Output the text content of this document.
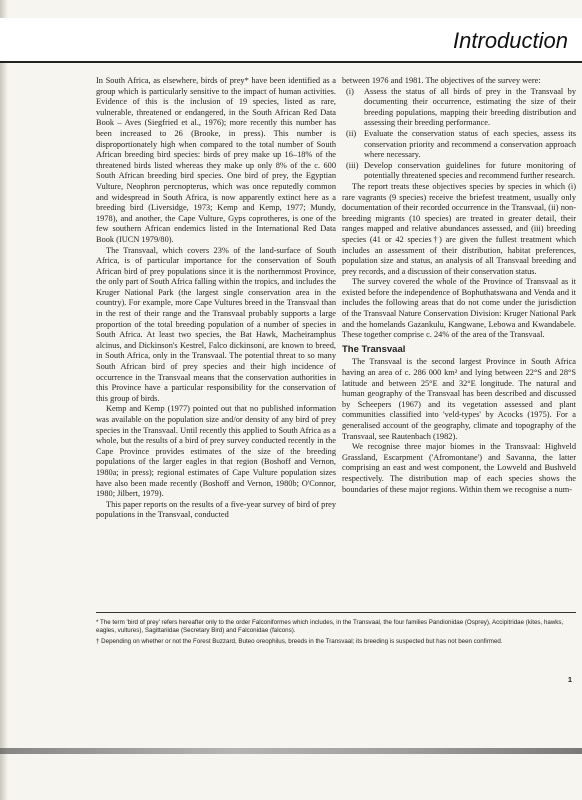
Introduction

In South Africa, as elsewhere, birds of prey* have been identified as a group which is particularly sensitive to the impact of human activities. Evidence of this is the inclusion of 19 species, listed as rare, vulnerable, threatened or endangered, in the South African Red Data Book – Aves (Siegfried et al., 1976); more recently this number has been increased to 26 (Brooke, in press). This number is disproportionately high when compared to the total number of South African breeding bird species: birds of prey make up 16–18% of the threatened birds listed whereas they make up only 8% of the c. 600 South African breeding bird species. One bird of prey, the Egyptian Vulture, Neophron percnopterus, which was once reputedly common and widespread in South Africa, is now apparently extinct here as a breeding bird (Liversidge, 1973; Kemp and Kemp, 1977; Mundy, 1978), and another, the Cape Vulture, Gyps coprotheres, is one of the few southern African endemics listed in the International Red Data Book (IUCN 1979/80).

The Transvaal, which covers 23% of the land-surface of South Africa, is of particular importance for the conservation of South African bird of prey populations since it is the northernmost Province, the only part of South Africa falling within the tropics, and includes the Kruger National Park (the largest single conservation area in the country). For example, more Cape Vultures breed in the Transvaal than in the rest of their range and the Transvaal probably supports a large proportion of the total breeding population of a number of species in South Africa. At least two species, the Bat Hawk, Macheiramphus alcinus, and Dickinson's Kestrel, Falco dickinsoni, are known to breed, in South Africa, only in the Transvaal. The potential threat to so many South African bird of prey species and their high incidence of occurrence in the Transvaal means that the conservation authorities in this Province have a particular responsibility for the conservation of this group of birds.

Kemp and Kemp (1977) pointed out that no published information was available on the population size and/or density of any bird of prey species in the Transvaal. Until recently this applied to South Africa as a whole, but the results of a bird of prey survey conducted recently in the Cape Province provides estimates of the size of the breeding populations of the larger eagles in that region (Boshoff and Vernon, 1980a; in press); regional estimates of Cape Vulture population sizes have also been made recently (Boshoff and Vernon, 1980b; O'Connor, 1980; Jilbert, 1979).

This paper reports on the results of a five-year survey of bird of prey populations in the Transvaal, conducted

between 1976 and 1981. The objectives of the survey were:

(i) Assess the status of all birds of prey in the Transvaal by documenting their occurrence, estimating the size of their breeding populations, mapping their breeding distribution and assessing their breeding performance.
(ii) Evaluate the conservation status of each species, assess its conservation priority and recommend a conservation approach where necessary.
(iii) Develop conservation guidelines for future monitoring of potentially threatened species and recommend further research.

The report treats these objectives species by species in which (i) rare vagrants (9 species) receive the briefest treatment, usually only documentation of their recorded occurrence in the Transvaal, (ii) non-breeding migrants (10 species) are treated in greater detail, their ranges mapped and relative abundances assessed, and (iii) breeding species (41 or 42 species†) are given the fullest treatment which includes an assessment of their distribution, habitat preferences, population size and status, an analysis of all Transvaal breeding and prey records, and a discussion of their conservation status.

The survey covered the whole of the Province of Transvaal as it existed before the independence of Bophuthatswana and Venda and it includes the following areas that do not come under the jurisdiction of the Transvaal Nature Conservation Division: Kruger National Park and the homelands Gazankulu, Kangwane, Lebowa and Kwandabele. These together comprise c. 24% of the area of the Transvaal.

The Transvaal

The Transvaal is the second largest Province in South Africa having an area of c. 286 000 km² and lying between 22°S and 28°S latitude and between 25°E and 32°E longitude. The natural and human geography of the Transvaal has been described and discussed by Scheepers (1967) and its vegetation assessed and plant communities classified into 'veld-types' by Acocks (1975). For a generalised account of the geography, climate and topography of the Transvaal, see Rautenbach (1982).

We recognise three major biomes in the Transvaal: Highveld Grassland, Escarpment ('Afromontane') and Savanna, the latter comprising an east and west component, the Lowveld and Bushveld respectively. The distribution map of each species shows the boundaries of these major regions. Within them we recognise a num-

* The term 'bird of prey' refers hereafter only to the order Falconiformes which includes, in the Transvaal, the four families Pandionidae (Osprey), Accipitridae (kites, hawks, eagles, vultures), Sagittariidae (Secretary Bird) and Falconidae (falcons).

† Depending on whether or not the Forest Buzzard, Buteo oreophilus, breeds in the Transvaal; its breeding is suspected but has not been confirmed.

1
